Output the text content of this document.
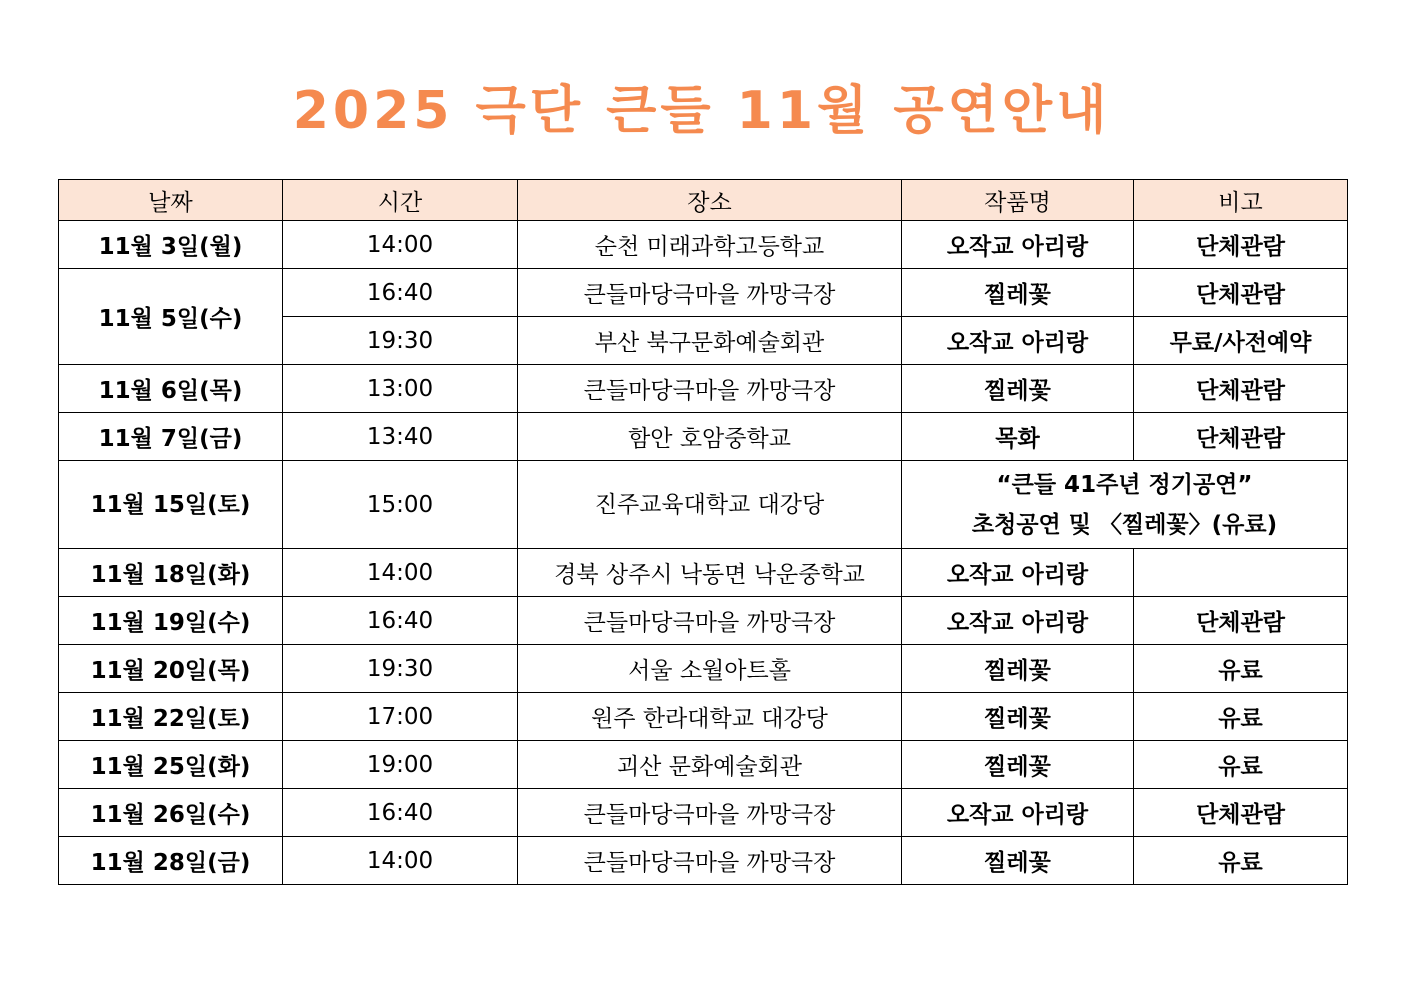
2025 극단 큰들 11월 공연안내
날짜	시간	장소	작품명	비고
11월 3일(월)	14:00	순천 미래과학고등학교	오작교 아리랑	단체관람
11월 5일(수)	16:40	큰들마당극마을 까망극장	찔레꽃	단체관람
	19:30	부산 북구문화예술회관	오작교 아리랑	무료/사전예약
11월 6일(목)	13:00	큰들마당극마을 까망극장	찔레꽃	단체관람
11월 7일(금)	13:40	함안 호암중학교	목화	단체관람
11월 15일(토)	15:00	진주교육대학교 대강당	“큰들 41주년 정기공연”
초청공연 및 〈찔레꽃〉(유료)	

11월 18일(화)	14:00	경북 상주시 낙동면 낙운중학교	오작교 아리랑	
11월 19일(수)	16:40	큰들마당극마을 까망극장	오작교 아리랑	단체관람
11월 20일(목)	19:30	서울 소월아트홀	찔레꽃	유료
11월 22일(토)	17:00	원주 한라대학교 대강당	찔레꽃	유료
11월 25일(화)	19:00	괴산 문화예술회관	찔레꽃	유료
11월 26일(수)	16:40	큰들마당극마을 까망극장	오작교 아리랑	단체관람
11월 28일(금)	14:00	큰들마당극마을 까망극장	찔레꽃	유료
